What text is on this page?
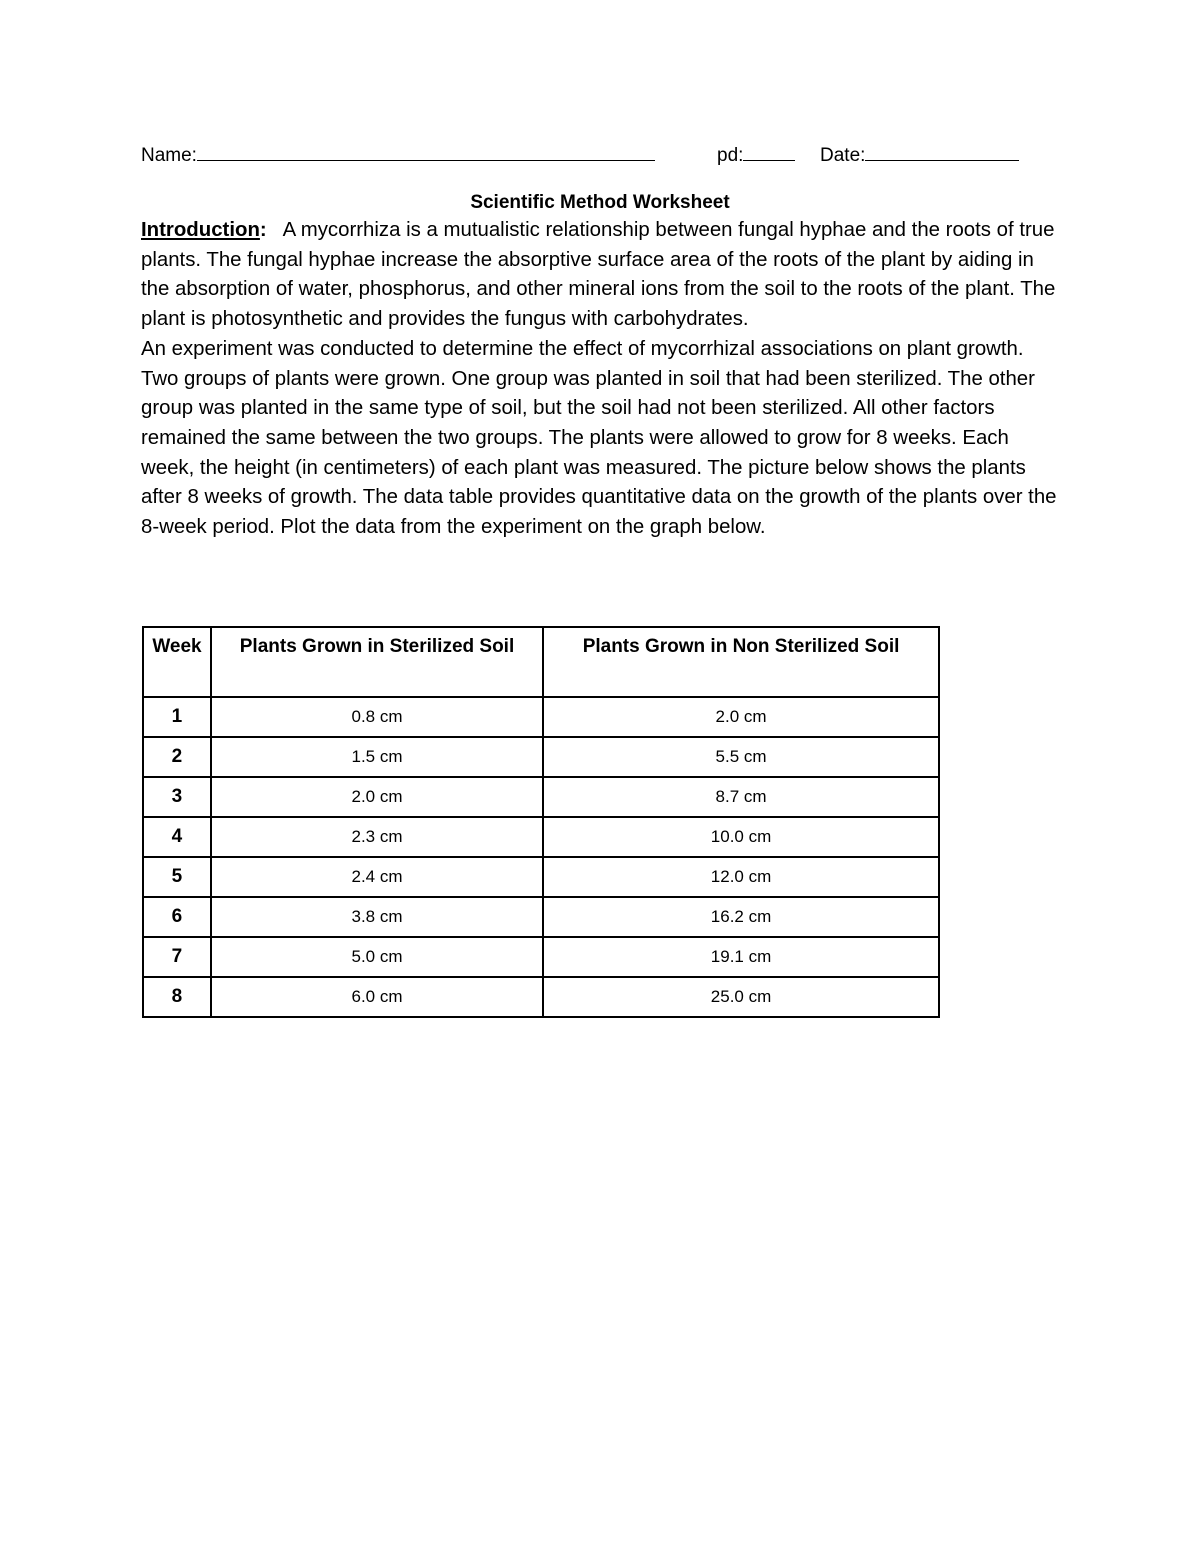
Name:	pd:	Date:
Scientific Method Worksheet

Introduction: A mycorrhiza is a mutualistic relationship between fungal hyphae and the roots of true plants. The fungal hyphae increase the absorptive surface area of the roots of the plant by aiding in the absorption of water, phosphorus, and other mineral ions from the soil to the roots of the plant. The plant is photosynthetic and provides the fungus with carbohydrates.

An experiment was conducted to determine the effect of mycorrhizal associations on plant growth. Two groups of plants were grown. One group was planted in soil that had been sterilized. The other group was planted in the same type of soil, but the soil had not been sterilized. All other factors remained the same between the two groups. The plants were allowed to grow for 8 weeks. Each week, the height (in centimeters) of each plant was measured. The picture below shows the plants after 8 weeks of growth. The data table provides quantitative data on the growth of the plants over the 8-week period. Plot the data from the experiment on the graph below.

Week	Plants Grown in Sterilized Soil	Plants Grown in Non Sterilized Soil
1	0.8 cm	2.0 cm
2	1.5 cm	5.5 cm
3	2.0 cm	8.7 cm
4	2.3 cm	10.0 cm
5	2.4 cm	12.0 cm
6	3.8 cm	16.2 cm
7	5.0 cm	19.1 cm
8	6.0 cm	25.0 cm
